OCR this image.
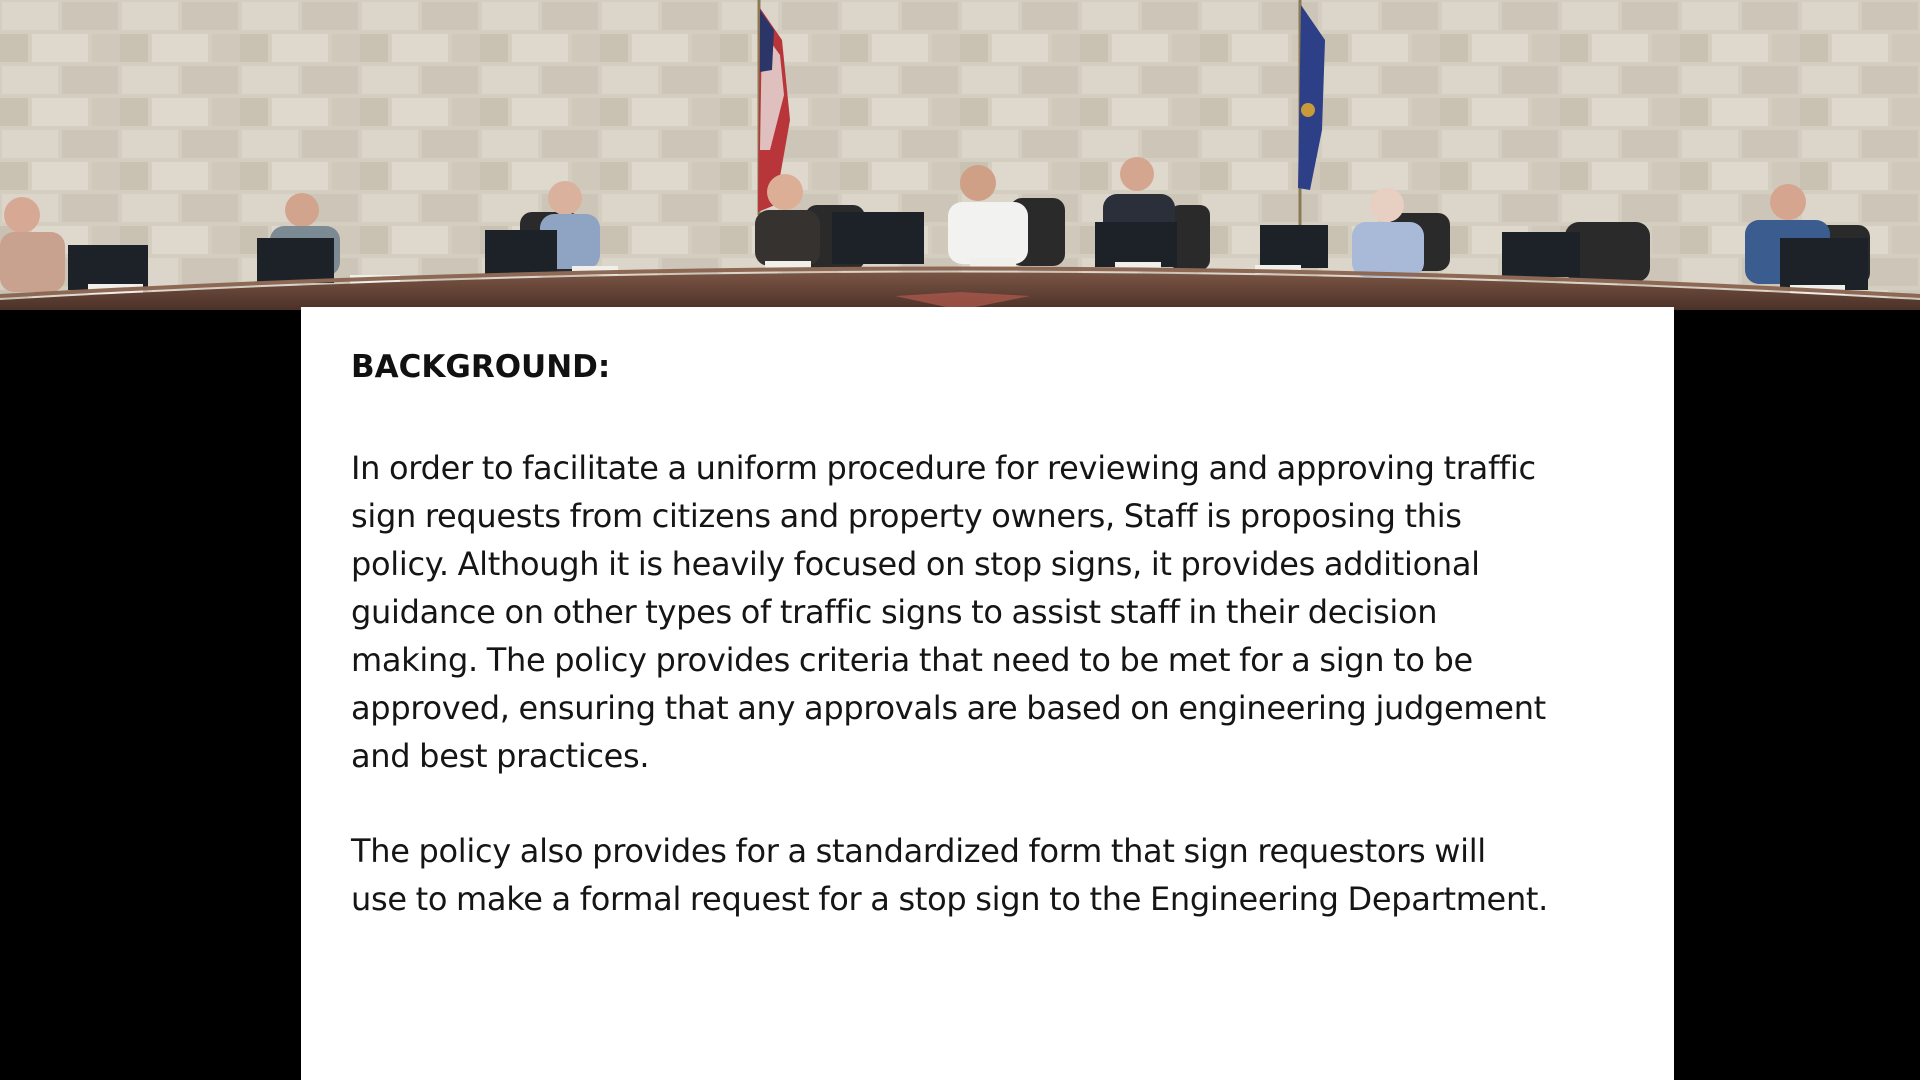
BACKGROUND:

In order to facilitate a uniform procedure for reviewing and approving traffic
sign requests from citizens and property owners, Staff is proposing this
policy. Although it is heavily focused on stop signs, it provides additional
guidance on other types of traffic signs to assist staff in their decision
making. The policy provides criteria that need to be met for a sign to be
approved, ensuring that any approvals are based on engineering judgement
and best practices.

The policy also provides for a standardized form that sign requestors will
use to make a formal request for a stop sign to the Engineering Department.
